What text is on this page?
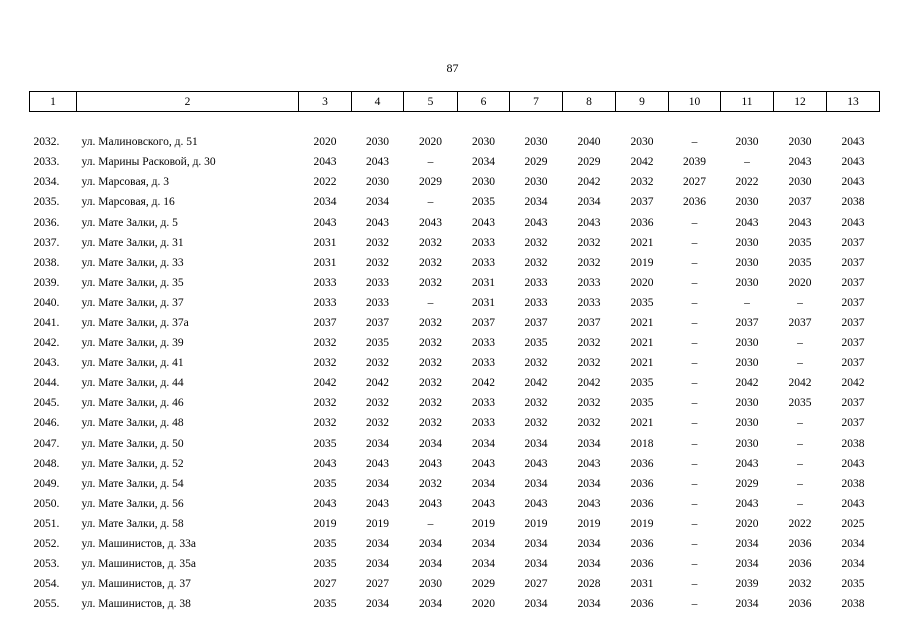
87
1	2	3	4	5	6	7	8	9	10	11	12	13

2032.	ул. Малиновского, д. 51	2020	2030	2020	2030	2030	2040	2030	–	2030	2030	2043
2033.	ул. Марины Расковой, д. 30	2043	2043	–	2034	2029	2029	2042	2039	–	2043	2043
2034.	ул. Марсовая, д. 3	2022	2030	2029	2030	2030	2042	2032	2027	2022	2030	2043
2035.	ул. Марсовая, д. 16	2034	2034	–	2035	2034	2034	2037	2036	2030	2037	2038
2036.	ул. Мате Залки, д. 5	2043	2043	2043	2043	2043	2043	2036	–	2043	2043	2043
2037.	ул. Мате Залки, д. 31	2031	2032	2032	2033	2032	2032	2021	–	2030	2035	2037
2038.	ул. Мате Залки, д. 33	2031	2032	2032	2033	2032	2032	2019	–	2030	2035	2037
2039.	ул. Мате Залки, д. 35	2033	2033	2032	2031	2033	2033	2020	–	2030	2020	2037
2040.	ул. Мате Залки, д. 37	2033	2033	–	2031	2033	2033	2035	–	–	–	2037
2041.	ул. Мате Залки, д. 37а	2037	2037	2032	2037	2037	2037	2021	–	2037	2037	2037
2042.	ул. Мате Залки, д. 39	2032	2035	2032	2033	2035	2032	2021	–	2030	–	2037
2043.	ул. Мате Залки, д. 41	2032	2032	2032	2033	2032	2032	2021	–	2030	–	2037
2044.	ул. Мате Залки, д. 44	2042	2042	2032	2042	2042	2042	2035	–	2042	2042	2042
2045.	ул. Мате Залки, д. 46	2032	2032	2032	2033	2032	2032	2035	–	2030	2035	2037
2046.	ул. Мате Залки, д. 48	2032	2032	2032	2033	2032	2032	2021	–	2030	–	2037
2047.	ул. Мате Залки, д. 50	2035	2034	2034	2034	2034	2034	2018	–	2030	–	2038
2048.	ул. Мате Залки, д. 52	2043	2043	2043	2043	2043	2043	2036	–	2043	–	2043
2049.	ул. Мате Залки, д. 54	2035	2034	2032	2034	2034	2034	2036	–	2029	–	2038
2050.	ул. Мате Залки, д. 56	2043	2043	2043	2043	2043	2043	2036	–	2043	–	2043
2051.	ул. Мате Залки, д. 58	2019	2019	–	2019	2019	2019	2019	–	2020	2022	2025
2052.	ул. Машинистов, д. 33а	2035	2034	2034	2034	2034	2034	2036	–	2034	2036	2034
2053.	ул. Машинистов, д. 35а	2035	2034	2034	2034	2034	2034	2036	–	2034	2036	2034
2054.	ул. Машинистов, д. 37	2027	2027	2030	2029	2027	2028	2031	–	2039	2032	2035
2055.	ул. Машинистов, д. 38	2035	2034	2034	2020	2034	2034	2036	–	2034	2036	2038
